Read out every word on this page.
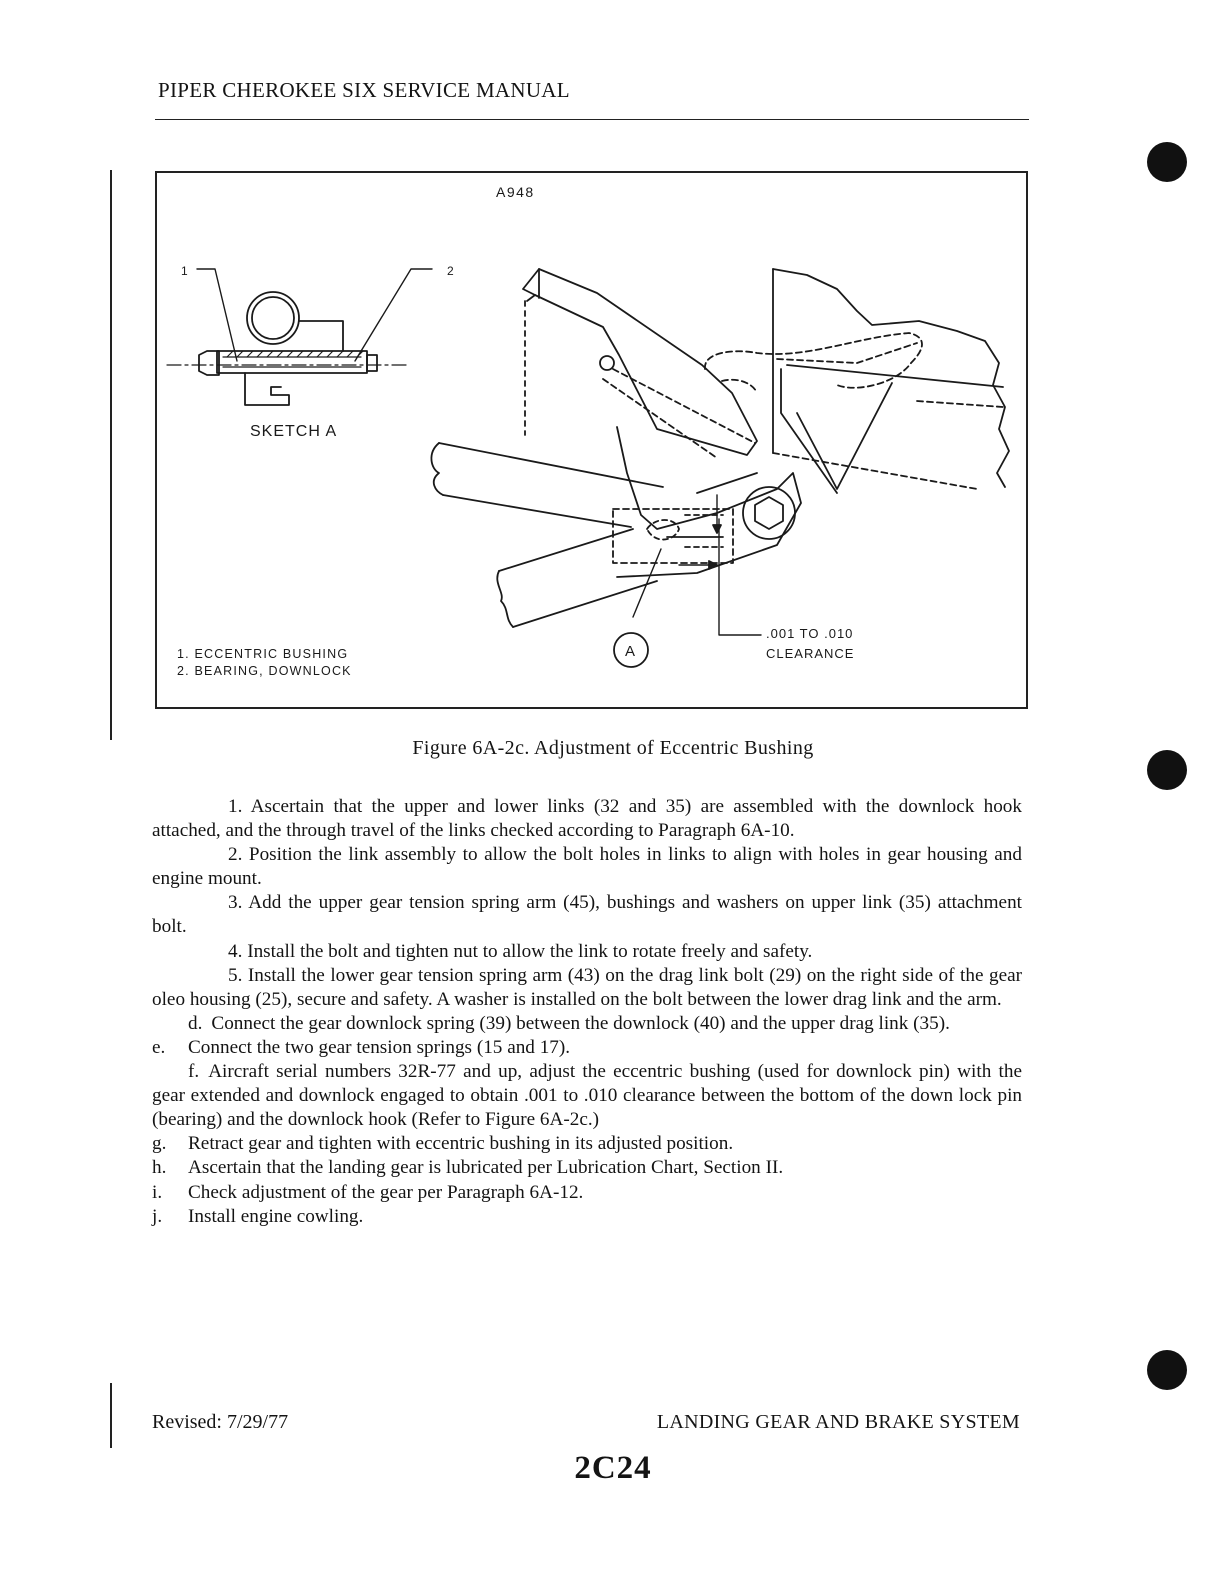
PIPER CHEROKEE SIX SERVICE MANUAL
A948
1	2
SKETCH A
A
.001 TO .010
CLEARANCE
1. ECCENTRIC BUSHING
2. BEARING, DOWNLOCK
Figure 6A-2c. Adjustment of Eccentric Bushing

1. Ascertain that the upper and lower links (32 and 35) are assembled with the downlock hook attached, and the through travel of the links checked according to Paragraph 6A-10.

2. Position the link assembly to allow the bolt holes in links to align with holes in gear housing and engine mount.

3. Add the upper gear tension spring arm (45), bushings and washers on upper link (35) attachment bolt.

4. Install the bolt and tighten nut to allow the link to rotate freely and safety.

5. Install the lower gear tension spring arm (43) on the drag link bolt (29) on the right side of the gear oleo housing (25), secure and safety. A washer is installed on the bolt between the lower drag link and the arm.

d. Connect the gear downlock spring (39) between the downlock (40) and the upper drag link (35).

e.	Connect the two gear tension springs (15 and 17).

f. Aircraft serial numbers 32R-77 and up, adjust the eccentric bushing (used for downlock pin) with the gear extended and downlock engaged to obtain .001 to .010 clearance between the bottom of the down lock pin (bearing) and the downlock hook (Refer to Figure 6A-2c.)

g.	Retract gear and tighten with eccentric bushing in its adjusted position.

h.	Ascertain that the landing gear is lubricated per Lubrication Chart, Section II.

i.	Check adjustment of the gear per Paragraph 6A-12.

j.	Install engine cowling.

Revised: 7/29/77	LANDING GEAR AND BRAKE SYSTEM
2C24
